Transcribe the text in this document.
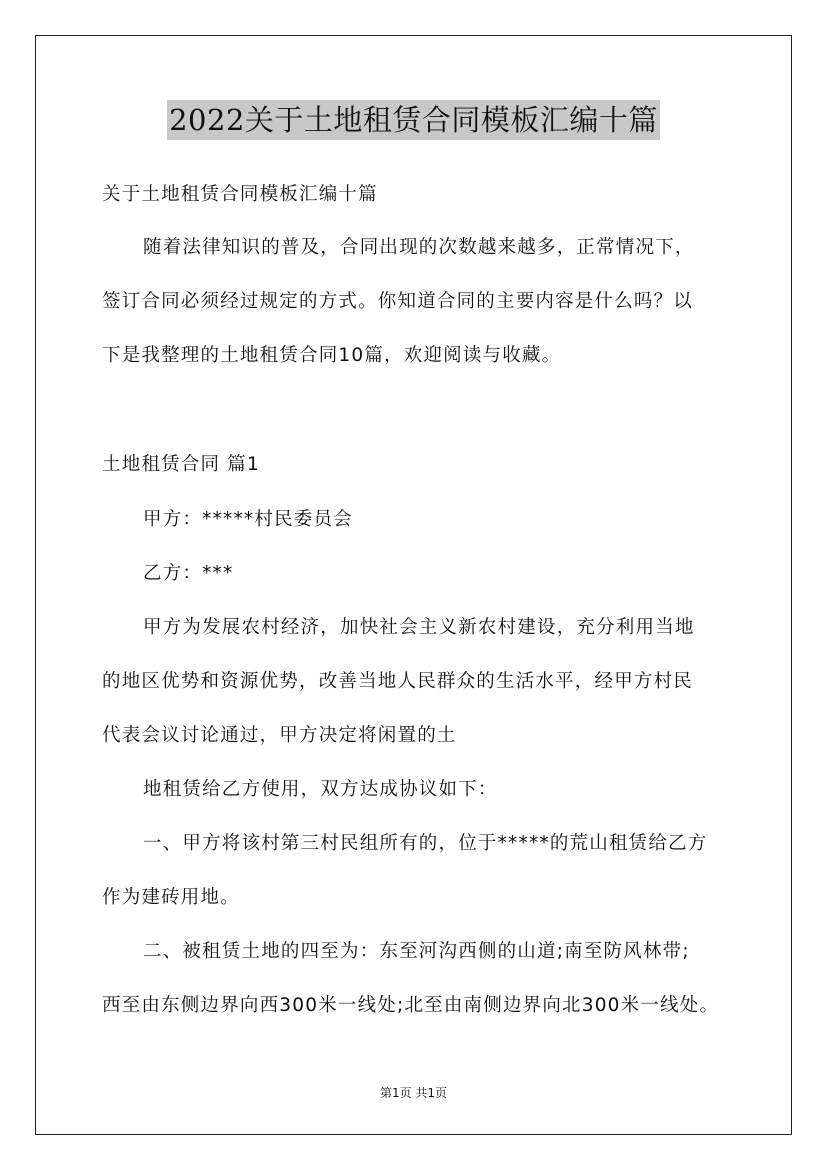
2022关于土地租赁合同模板汇编十篇
关于土地租赁合同模板汇编十篇
随着法律知识的普及，合同出现的次数越来越多，正常情况下，
签订合同必须经过规定的方式。你知道合同的主要内容是什么吗？以
下是我整理的土地租赁合同10篇，欢迎阅读与收藏。
土地租赁合同 篇1
甲方：*****村民委员会
乙方：***
甲方为发展农村经济，加快社会主义新农村建设，充分利用当地
的地区优势和资源优势，改善当地人民群众的生活水平，经甲方村民
代表会议讨论通过，甲方决定将闲置的土
地租赁给乙方使用，双方达成协议如下：
一、甲方将该村第三村民组所有的，位于*****的荒山租赁给乙方
作为建砖用地。
二、被租赁土地的四至为：东至河沟西侧的山道;南至防风林带;
西至由东侧边界向西300米一线处;北至由南侧边界向北300米一线处。
第1页 共1页
